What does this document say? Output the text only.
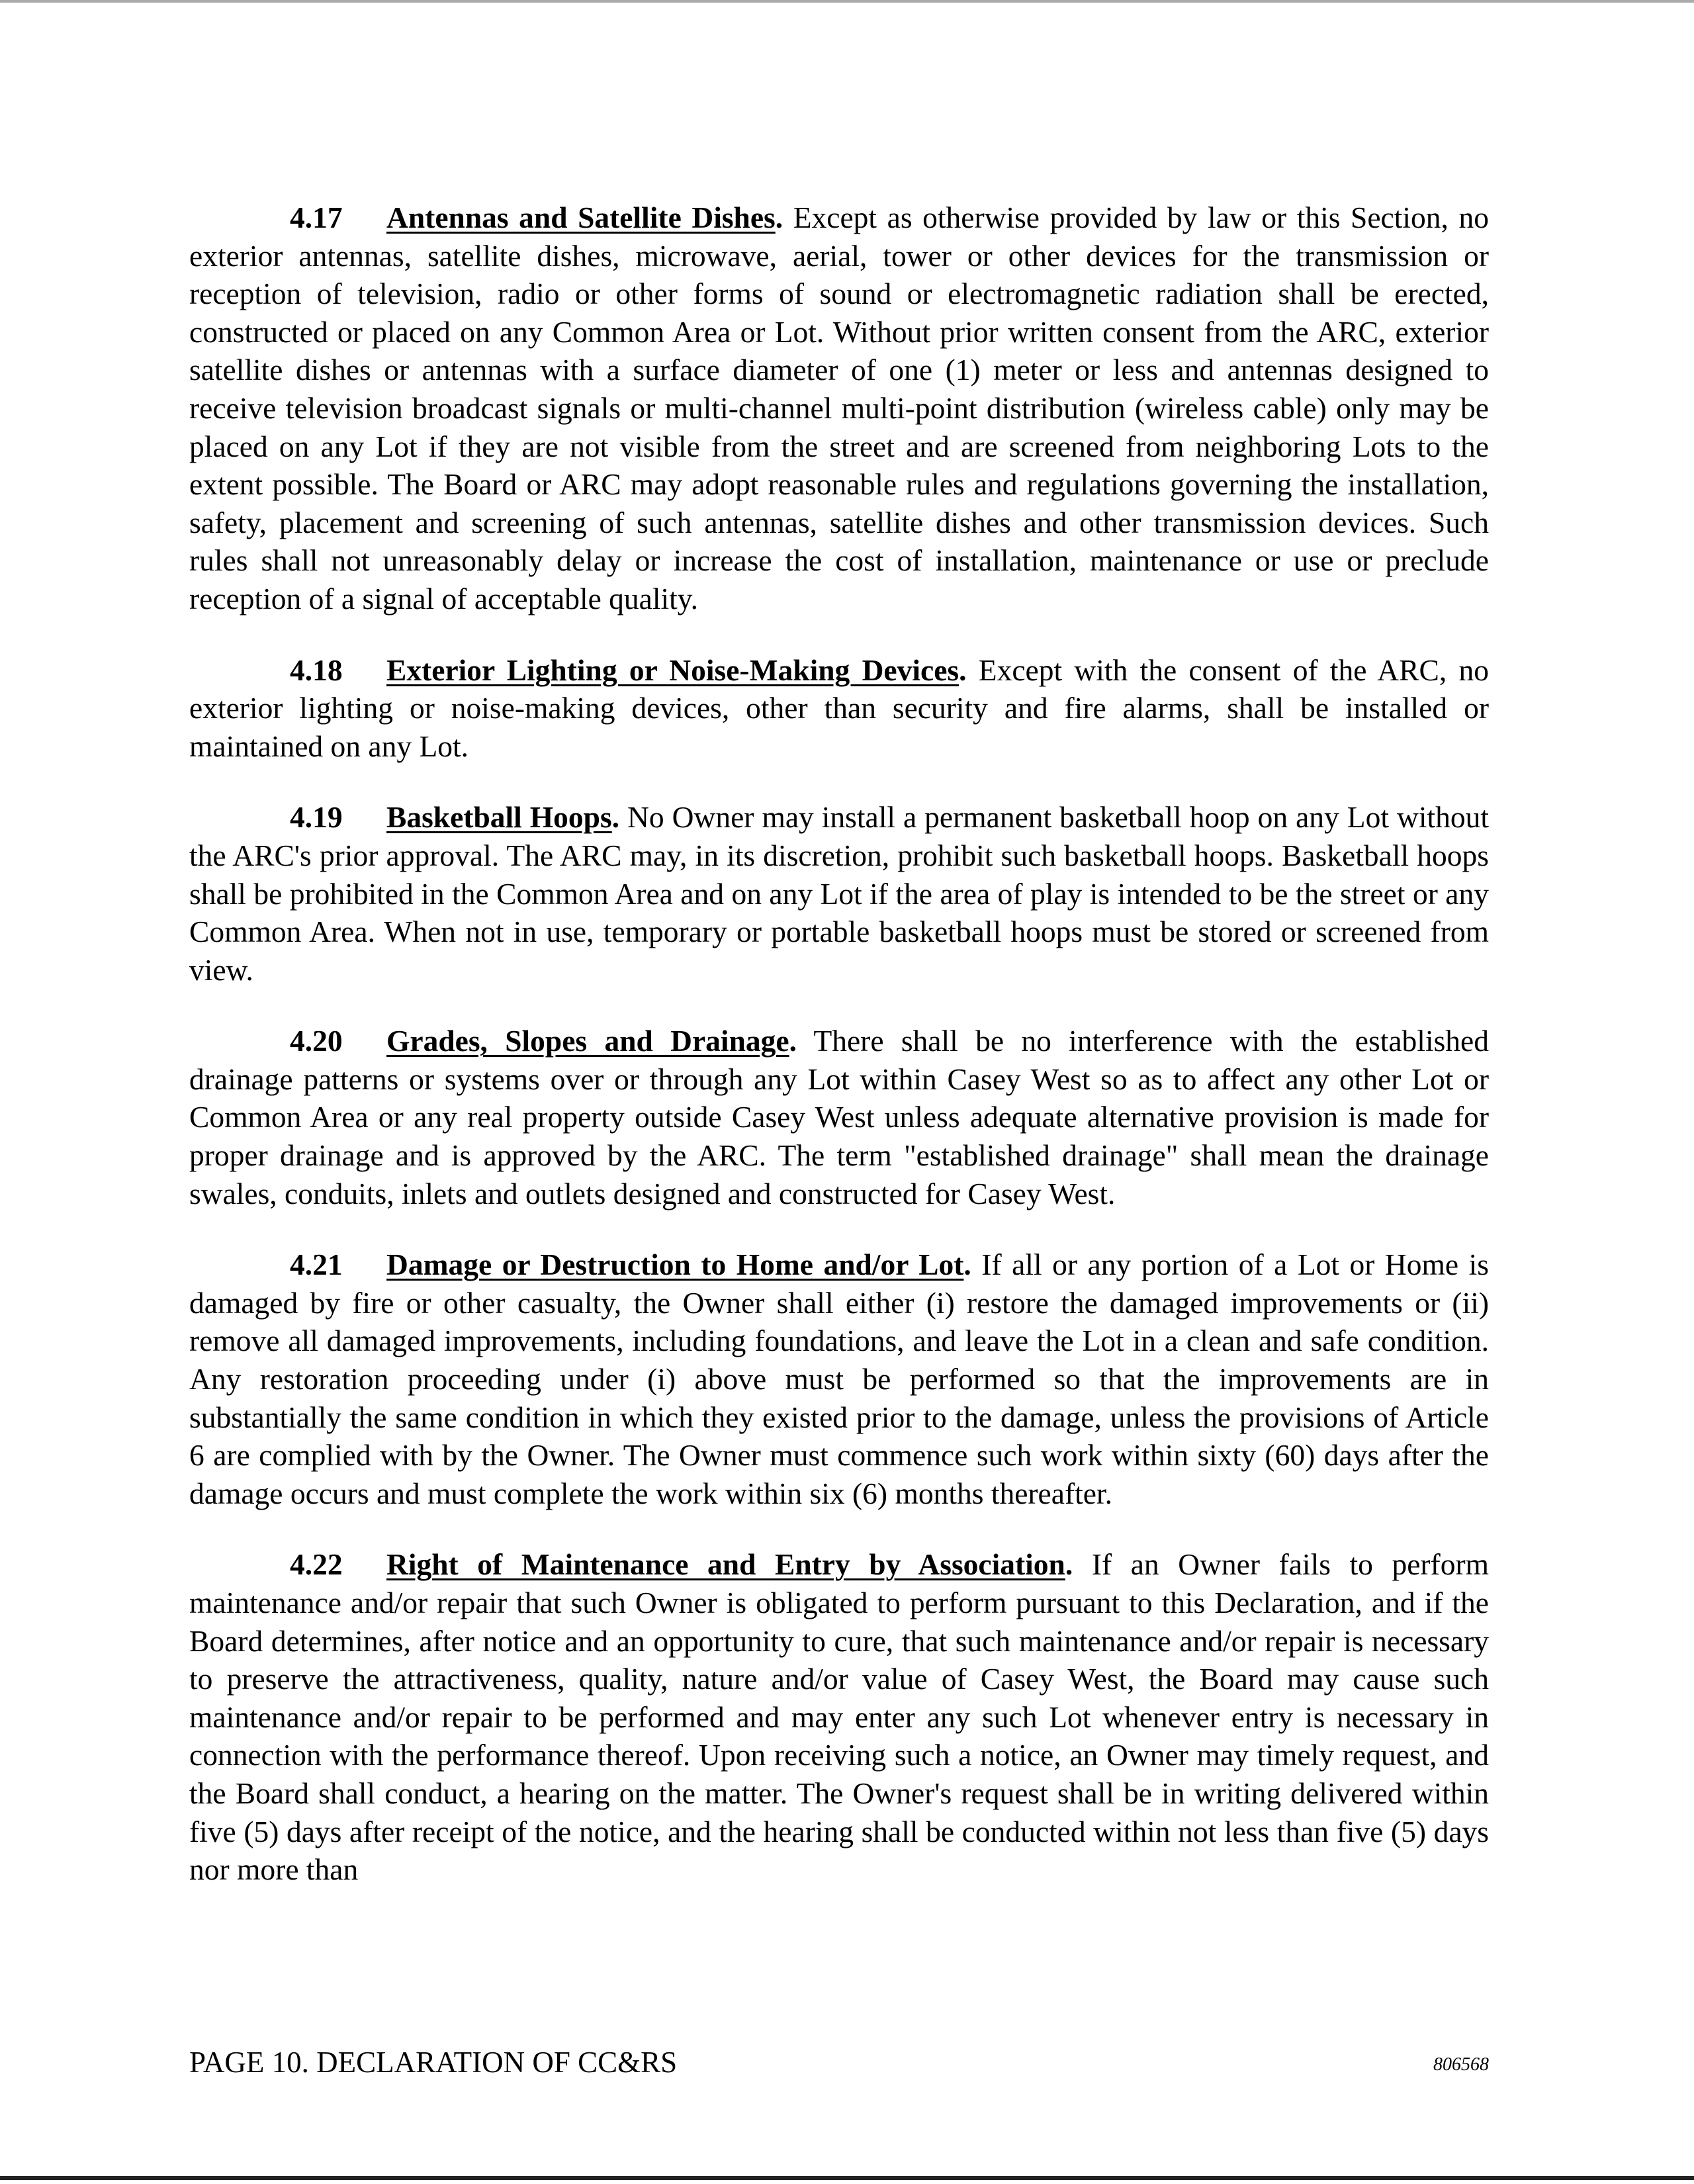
4.17 Antennas and Satellite Dishes. Except as otherwise provided by law or this Section, no exterior antennas, satellite dishes, microwave, aerial, tower or other devices for the transmission or reception of television, radio or other forms of sound or electromagnetic radiation shall be erected, constructed or placed on any Common Area or Lot. Without prior written consent from the ARC, exterior satellite dishes or antennas with a surface diameter of one (1) meter or less and antennas designed to receive television broadcast signals or multi-channel multi-point distribution (wireless cable) only may be placed on any Lot if they are not visible from the street and are screened from neighboring Lots to the extent possible. The Board or ARC may adopt reasonable rules and regulations governing the installation, safety, placement and screening of such antennas, satellite dishes and other transmission devices. Such rules shall not unreasonably delay or increase the cost of installation, maintenance or use or preclude reception of a signal of acceptable quality.

4.18 Exterior Lighting or Noise-Making Devices. Except with the consent of the ARC, no exterior lighting or noise-making devices, other than security and fire alarms, shall be installed or maintained on any Lot.

4.19 Basketball Hoops. No Owner may install a permanent basketball hoop on any Lot without the ARC's prior approval. The ARC may, in its discretion, prohibit such basketball hoops. Basketball hoops shall be prohibited in the Common Area and on any Lot if the area of play is intended to be the street or any Common Area. When not in use, temporary or portable basketball hoops must be stored or screened from view.

4.20 Grades, Slopes and Drainage. There shall be no interference with the established drainage patterns or systems over or through any Lot within Casey West so as to affect any other Lot or Common Area or any real property outside Casey West unless adequate alternative provision is made for proper drainage and is approved by the ARC. The term "established drainage" shall mean the drainage swales, conduits, inlets and outlets designed and constructed for Casey West.

4.21 Damage or Destruction to Home and/or Lot. If all or any portion of a Lot or Home is damaged by fire or other casualty, the Owner shall either (i) restore the damaged improvements or (ii) remove all damaged improvements, including foundations, and leave the Lot in a clean and safe condition. Any restoration proceeding under (i) above must be performed so that the improvements are in substantially the same condition in which they existed prior to the damage, unless the provisions of Article 6 are complied with by the Owner. The Owner must commence such work within sixty (60) days after the damage occurs and must complete the work within six (6) months thereafter.

4.22 Right of Maintenance and Entry by Association. If an Owner fails to perform maintenance and/or repair that such Owner is obligated to perform pursuant to this Declaration, and if the Board determines, after notice and an opportunity to cure, that such maintenance and/or repair is necessary to preserve the attractiveness, quality, nature and/or value of Casey West, the Board may cause such maintenance and/or repair to be performed and may enter any such Lot whenever entry is necessary in connection with the performance thereof. Upon receiving such a notice, an Owner may timely request, and the Board shall conduct, a hearing on the matter. The Owner's request shall be in writing delivered within five (5) days after receipt of the notice, and the hearing shall be conducted within not less than five (5) days nor more than

PAGE 10. DECLARATION OF CC&RS	806568
